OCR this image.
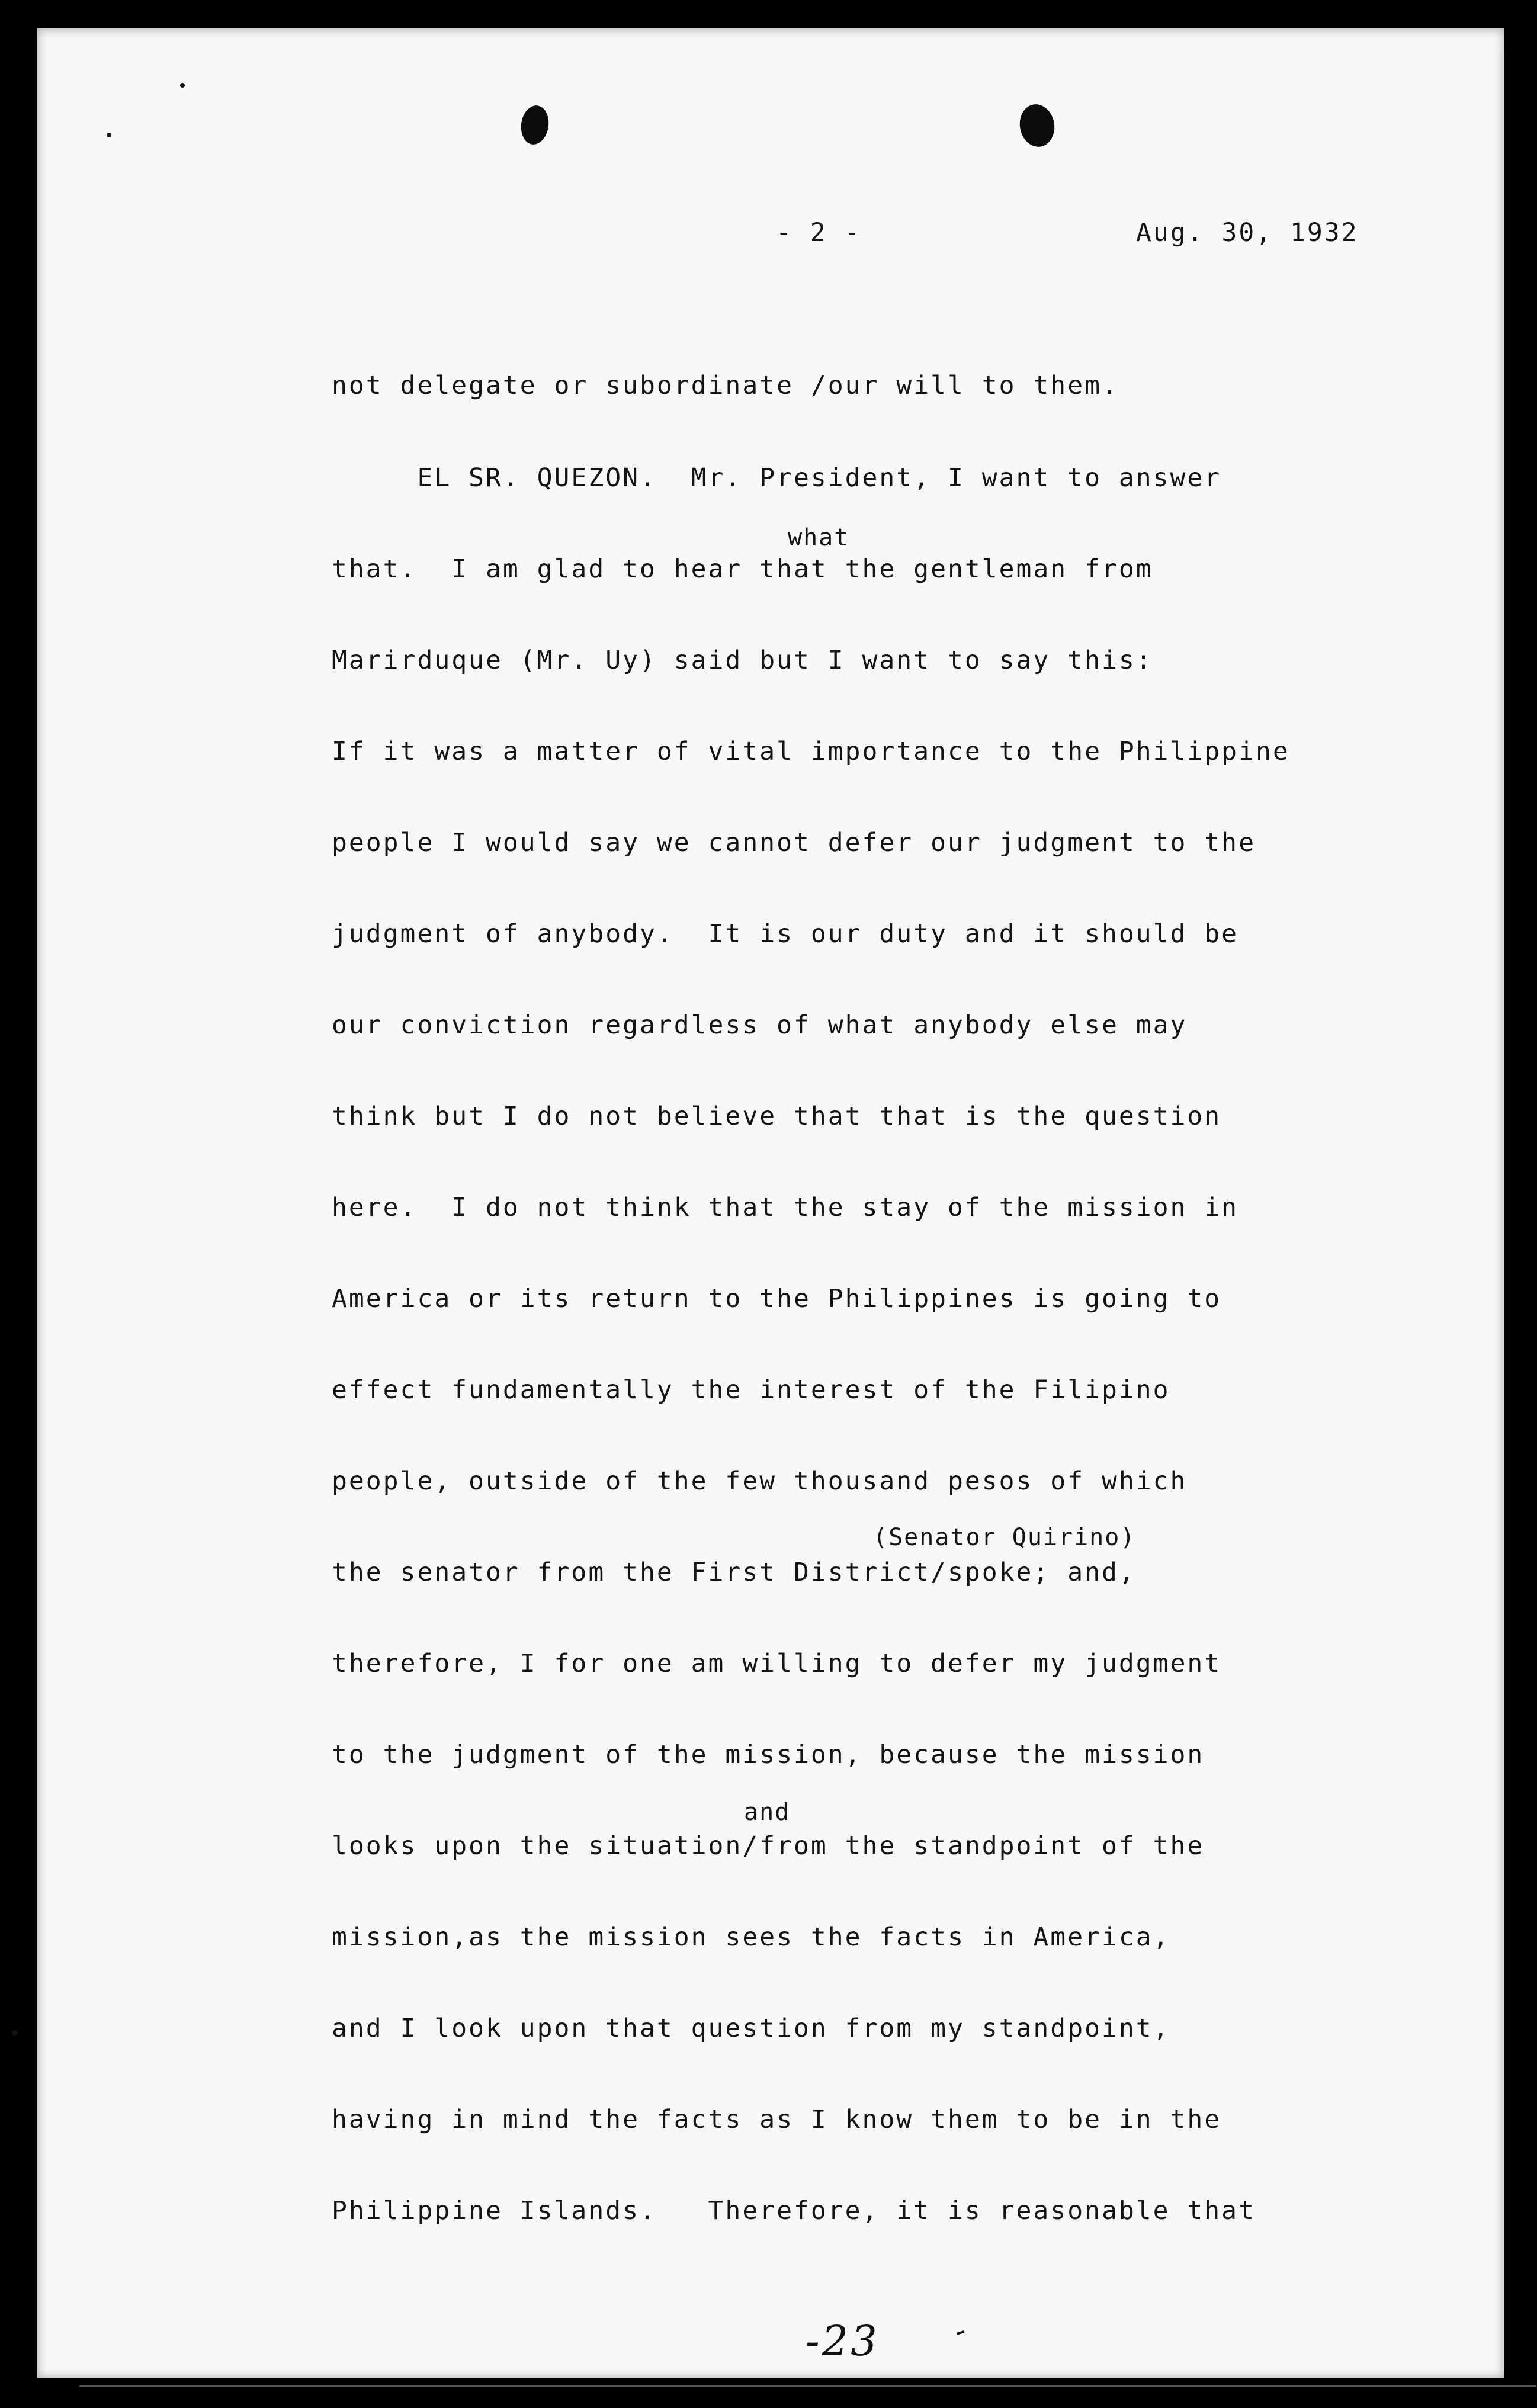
- 2 -	Aug. 30, 1932
what
(Senator Quirino)
and
not delegate or subordinate /our will to them.
EL SR. QUEZON.  Mr. President, I want to answer
that.  I am glad to hear that the gentleman from
Marirduque (Mr. Uy) said but I want to say this:
If it was a matter of vital importance to the Philippine
people I would say we cannot defer our judgment to the
judgment of anybody.  It is our duty and it should be
our conviction regardless of what anybody else may
think but I do not believe that that is the question
here.  I do not think that the stay of the mission in
America or its return to the Philippines is going to
effect fundamentally the interest of the Filipino
people, outside of the few thousand pesos of which
the senator from the First District/spoke; and,
therefore, I for one am willing to defer my judgment
to the judgment of the mission, because the mission
looks upon the situation/from the standpoint of the
mission,as the mission sees the facts in America,
and I look upon that question from my standpoint,
having in mind the facts as I know them to be in the
Philippine Islands.   Therefore, it is reasonable that
-23 -
